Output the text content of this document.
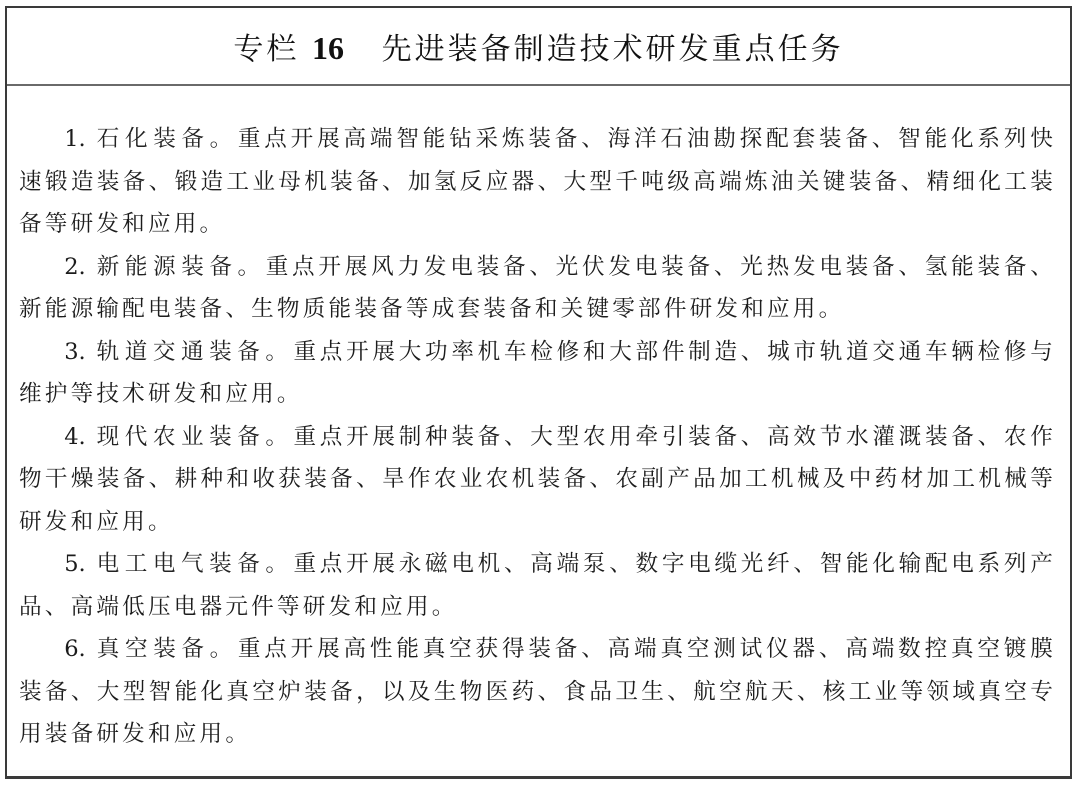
专栏 16 先进装备制造技术研发重点任务

1. 石化装备。重点开展高端智能钻采炼装备、海洋石油勘探配套装备、智能化系列快速锻造装备、锻造工业母机装备、加氢反应器、大型千吨级高端炼油关键装备、精细化工装备等研发和应用。

2. 新能源装备。重点开展风力发电装备、光伏发电装备、光热发电装备、氢能装备、新能源输配电装备、生物质能装备等成套装备和关键零部件研发和应用。

3. 轨道交通装备。重点开展大功率机车检修和大部件制造、城市轨道交通车辆检修与维护等技术研发和应用。

4. 现代农业装备。重点开展制种装备、大型农用牵引装备、高效节水灌溉装备、农作物干燥装备、耕种和收获装备、旱作农业农机装备、农副产品加工机械及中药材加工机械等研发和应用。

5. 电工电气装备。重点开展永磁电机、高端泵、数字电缆光纤、智能化输配电系列产品、高端低压电器元件等研发和应用。

6. 真空装备。重点开展高性能真空获得装备、高端真空测试仪器、高端数控真空镀膜装备、大型智能化真空炉装备，以及生物医药、食品卫生、航空航天、核工业等领域真空专用装备研发和应用。
